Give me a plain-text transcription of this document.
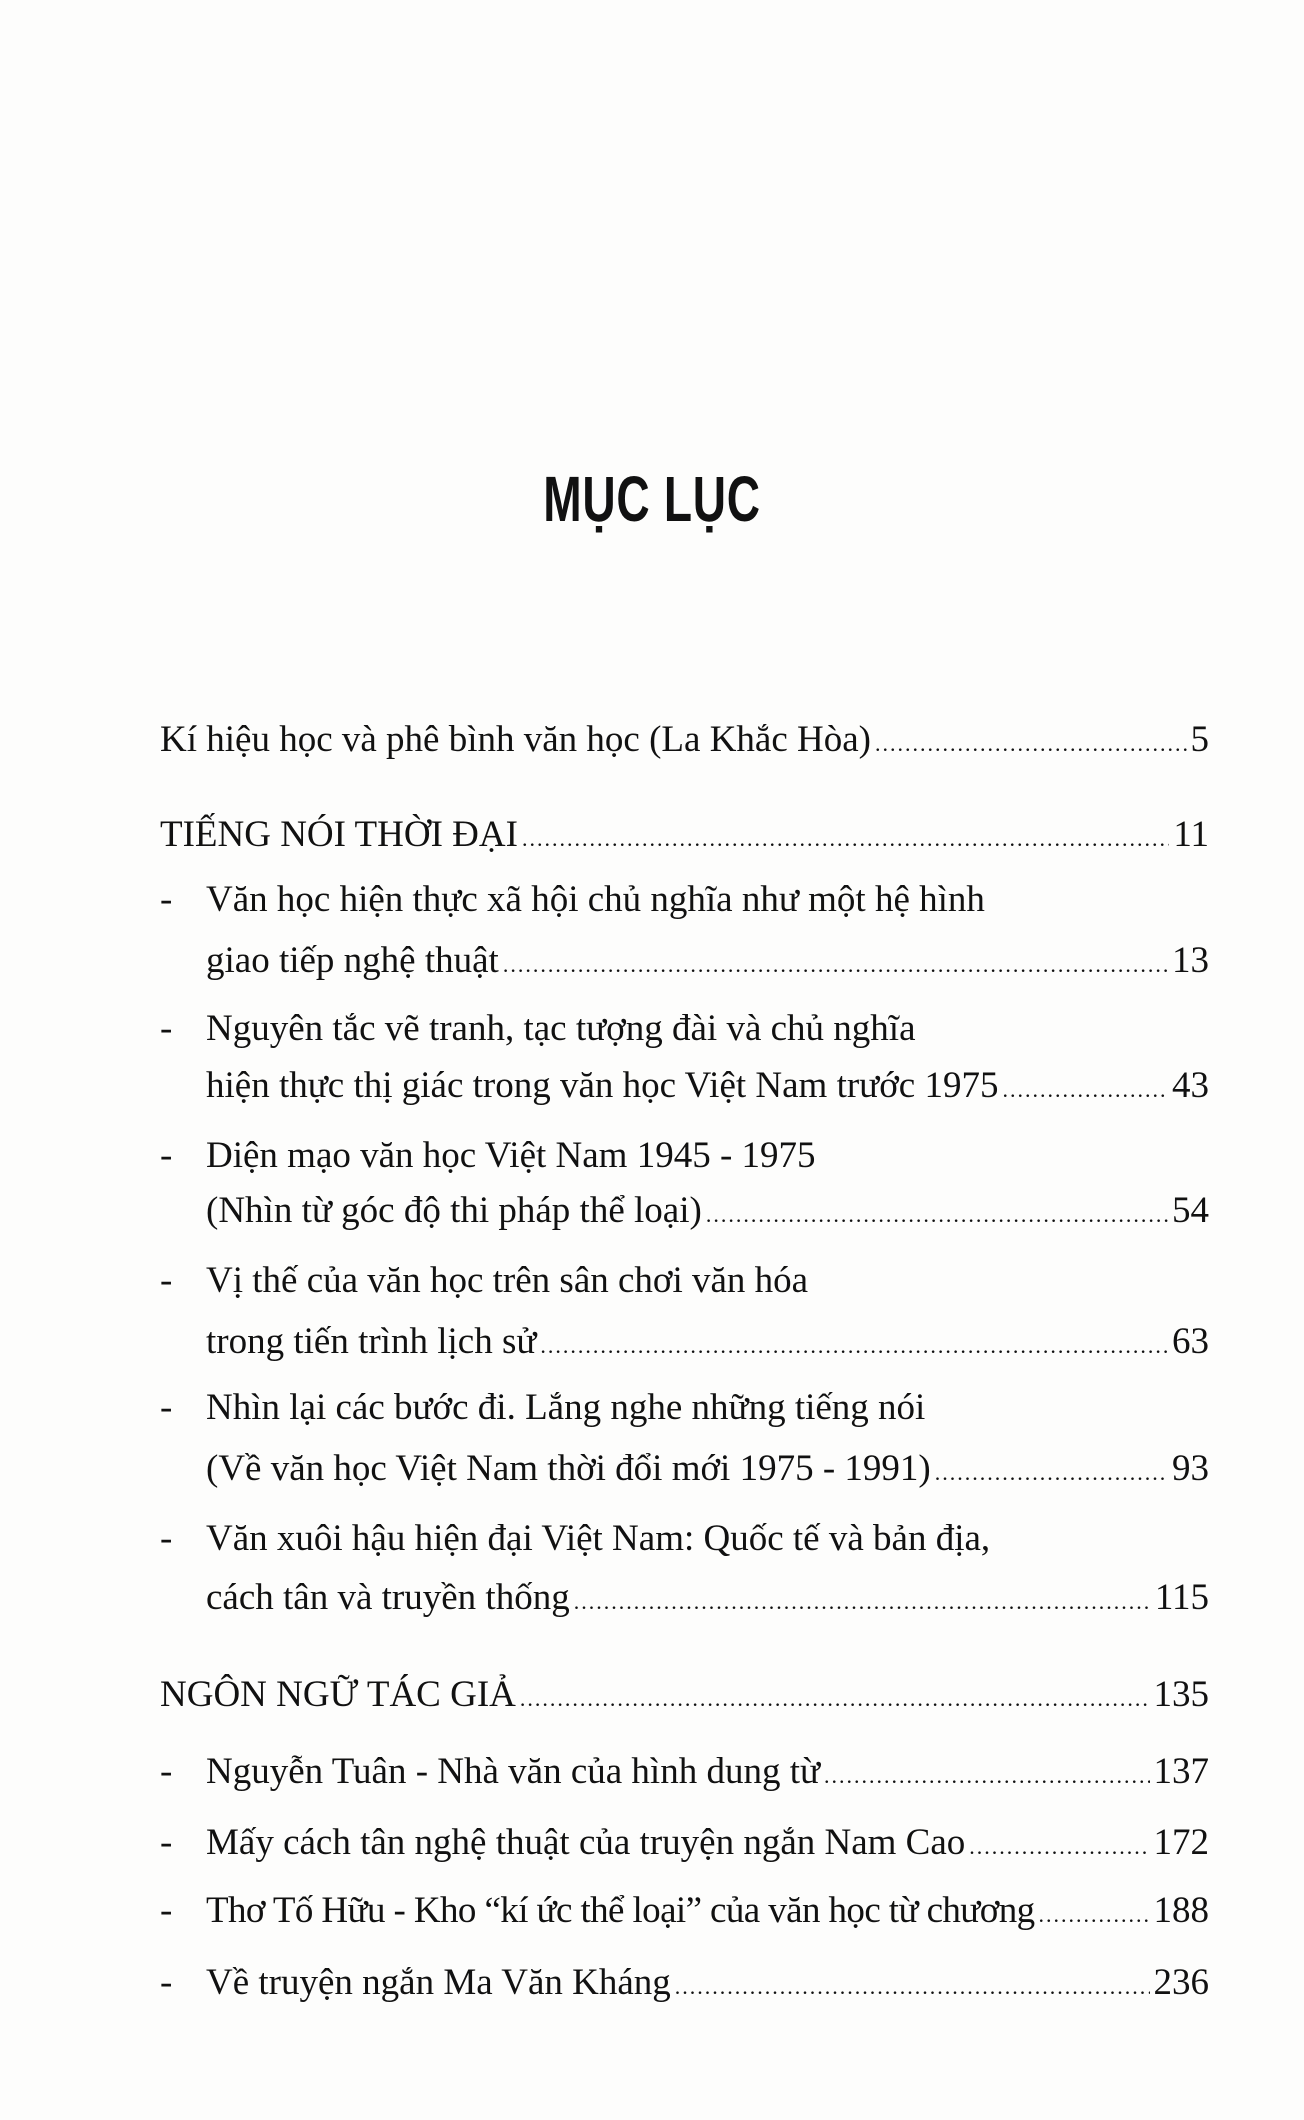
MỤC LỤC
Kí hiệu học và phê bình văn học (La Khắc Hòa) .....	5
TIẾNG NÓI THỜI ĐẠI .....	11
- Văn học hiện thực xã hội chủ nghĩa như một hệ hình
giao tiếp nghệ thuật .....	13
- Nguyên tắc vẽ tranh, tạc tượng đài và chủ nghĩa
hiện thực thị giác trong văn học Việt Nam trước 1975 .....	43
- Diện mạo văn học Việt Nam 1945 - 1975
(Nhìn từ góc độ thi pháp thể loại) .....	54
- Vị thế của văn học trên sân chơi văn hóa
trong tiến trình lịch sử .....	63
- Nhìn lại các bước đi. Lắng nghe những tiếng nói
(Về văn học Việt Nam thời đổi mới 1975 - 1991) .....	93
- Văn xuôi hậu hiện đại Việt Nam: Quốc tế và bản địa,
cách tân và truyền thống .....	115
NGÔN NGỮ TÁC GIẢ .....	135
- Nguyễn Tuân - Nhà văn của hình dung từ .....	137
- Mấy cách tân nghệ thuật của truyện ngắn Nam Cao .....	172
- Thơ Tố Hữu - Kho “kí ức thể loại” của văn học từ chương .....	188
- Về truyện ngắn Ma Văn Kháng .....	236
